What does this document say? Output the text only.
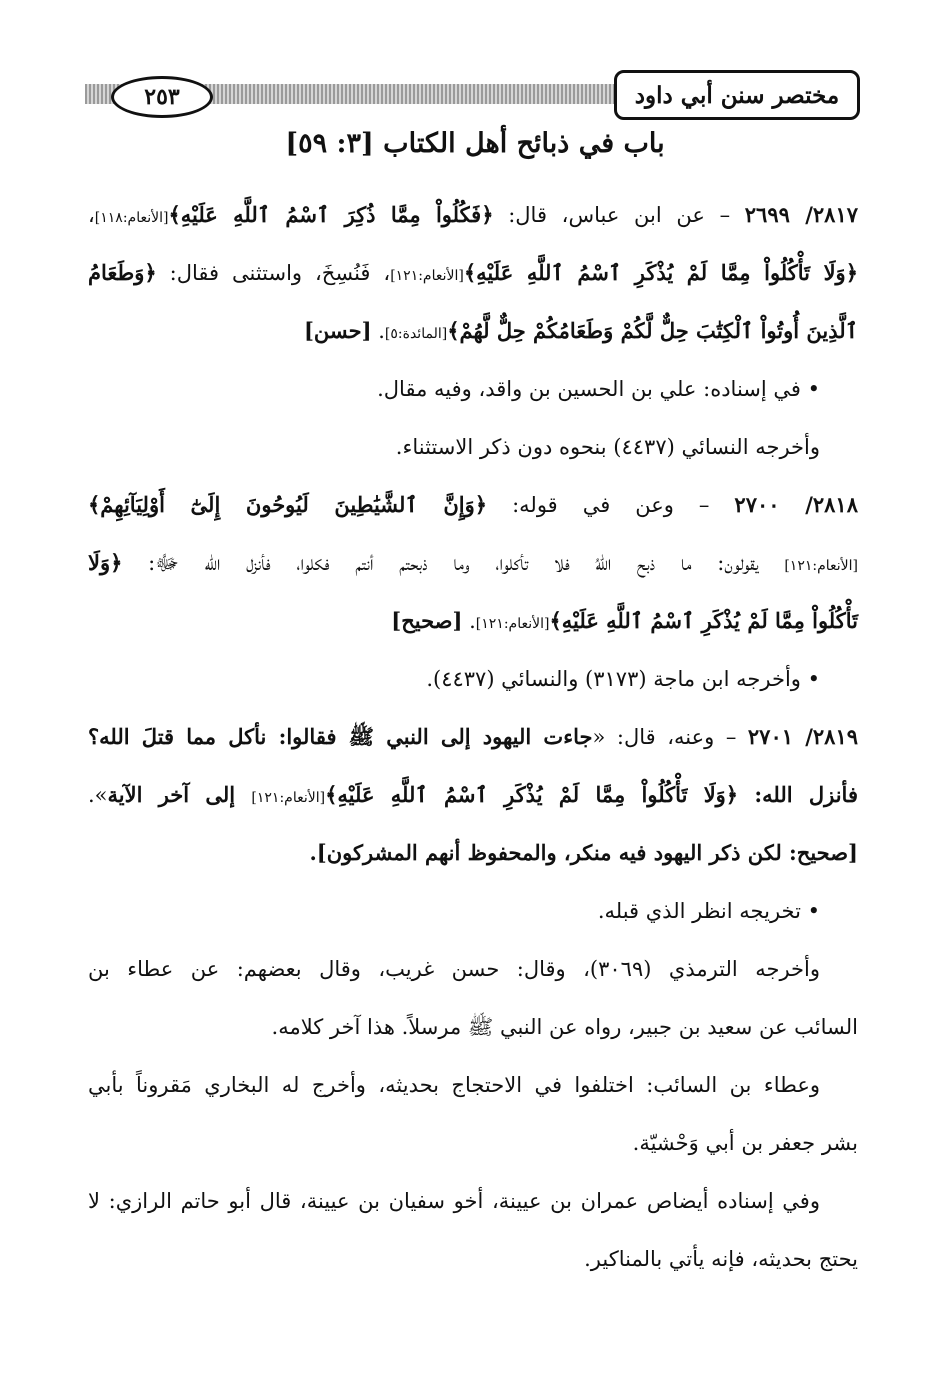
٢٥٣	مختصر سنن أبي داود
باب في ذبائح أهل الكتاب [٣: ٥٩]
٢٨١٧/ ٢٦٩٩ – عن ابن عباس، قال: ﴿فَكُلُواْ مِمَّا ذُكِرَ ٱسْمُ ٱللَّهِ عَلَيْهِ﴾[الأنعام:١١٨]،
﴿وَلَا تَأْكُلُواْ مِمَّا لَمْ يُذْكَرِ ٱسْمُ ٱللَّهِ عَلَيْهِ﴾[الأنعام:١٢١]، فَنُسِخَ، واستثنى فقال: ﴿وَطَعَامُ
ٱلَّذِينَ أُوتُواْ ٱلْكِتَٰبَ حِلٌّ لَّكُمْ وَطَعَامُكُمْ حِلٌّ لَّهُمْ﴾[المائدة:٥]. [حسن]
• في إسناده: علي بن الحسين بن واقد، وفيه مقال.
وأخرجه النسائي (٤٤٣٧) بنحوه دون ذكر الاستثناء.
٢٨١٨/ ٢٧٠٠ – وعن في قوله: ﴿وَإِنَّ ٱلشَّيَٰطِينَ لَيُوحُونَ إِلَىٰٓ أَوْلِيَآئِهِمْ﴾
[الأنعام:١٢١] يقولون: ما ذبح اللهُ فلا تأكلوا، وما ذبحتم أنتم فكلوا، فأنزل الله ﷻ: ﴿وَلَا
تَأْكُلُواْ مِمَّا لَمْ يُذْكَرِ ٱسْمُ ٱللَّهِ عَلَيْهِ﴾[الأنعام:١٢١]. [صحيح]
• وأخرجه ابن ماجة (٣١٧٣) والنسائي (٤٤٣٧).
٢٨١٩/ ٢٧٠١ – وعنه، قال: «جاءت اليهود إلى النبي ﷺ فقالوا: نأكل مما قتلَ الله؟
فأنزل الله: ﴿وَلَا تَأْكُلُواْ مِمَّا لَمْ يُذْكَرِ ٱسْمُ ٱللَّهِ عَلَيْهِ﴾[الأنعام:١٢١] إلى آخر الآية».
[صحيح: لكن ذكر اليهود فيه منكر، والمحفوظ أنهم المشركون].
• تخريجه انظر الذي قبله.
وأخرجه الترمذي (٣٠٦٩)، وقال: حسن غريب، وقال بعضهم: عن عطاء بن
السائب عن سعيد بن جبير، رواه عن النبي ﷺ مرسلاً. هذا آخر كلامه.
وعطاء بن السائب: اختلفوا في الاحتجاج بحديثه، وأخرج له البخاري مَقروناً بأبي
بشر جعفر بن أبي وَحْشيّة.
وفي إسناده أيضاص عمران بن عيينة، أخو سفيان بن عيينة، قال أبو حاتم الرازي: لا
يحتج بحديثه، فإنه يأتي بالمناكير.
